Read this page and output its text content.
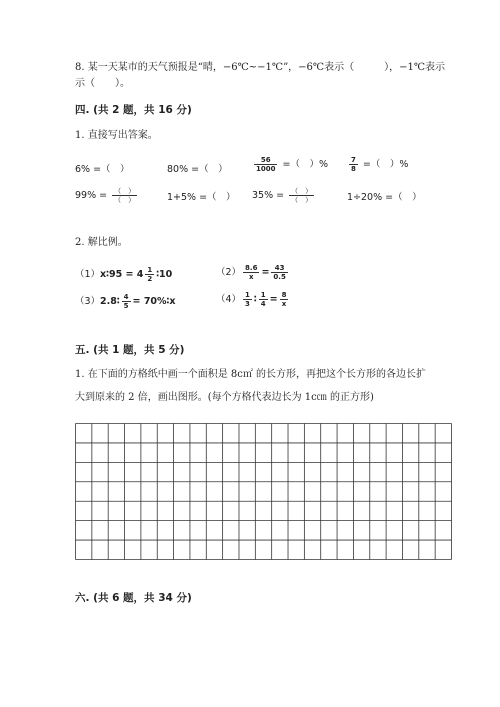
8. 某一天某市的天气预报是“晴，−6℃~−1℃”，−6℃表示（　　　），−1℃表示
示（　　）。
四. (共 2 题，共 16 分)
1. 直接写出答案。
6% =（　）	80% =（　）	$\frac{56}{1000}$ =（　）%	$\frac{7}{8}$ =（　）%
$99\% = \frac{( )}{( )}$	1+5% =（　） $35\% = \frac{( )}{( )}$	1÷20% =（　）
2. 解比例。
（1）x∶95 = $4 \frac{1}{2}$ ∶10	$(2) \frac{8.6}{x} = \frac{43}{0.5}$
（3）2.8∶ $\frac{4}{5}$ = 70%∶x	$(4) \frac{1}{3}$ ∶ $\frac{1}{4} = \frac{8}{x}$
五. (共 1 题，共 5 分)
1. 在下面的方格纸中画一个面积是 8c㎡ 的长方形，再把这个长方形的各边长扩
大到原来的 2 倍，画出图形。(每个方格代表边长为 1c㎝ 的正方形)
六. (共 6 题，共 34 分)
